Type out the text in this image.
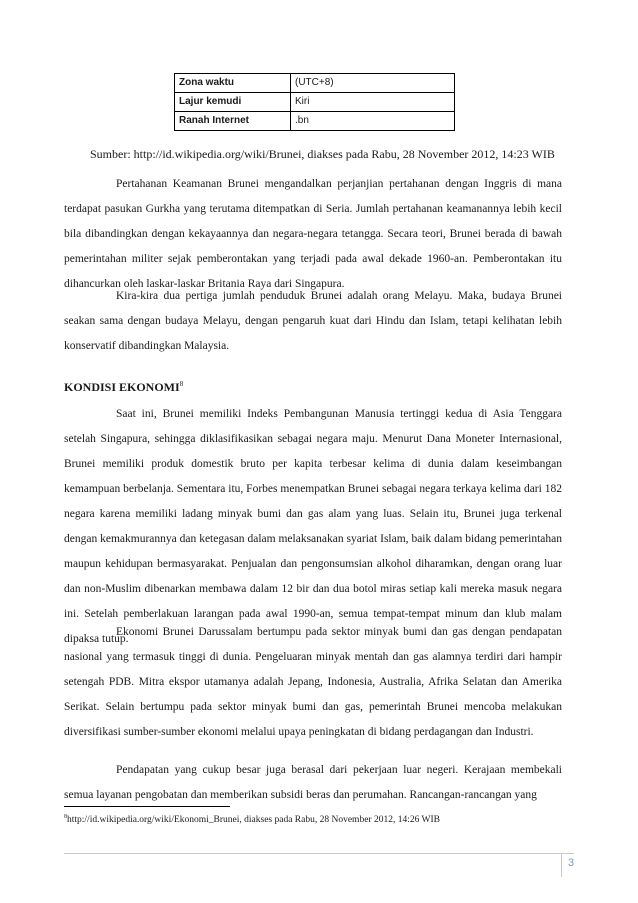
Zona waktu	(UTC+8)
Lajur kemudi	Kiri
Ranah Internet	.bn
Sumber: http://id.wikipedia.org/wiki/Brunei, diakses pada Rabu, 28 November 2012, 14:23 WIB

Pertahanan Keamanan Brunei mengandalkan perjanjian pertahanan dengan Inggris di mana terdapat pasukan Gurkha yang terutama ditempatkan di Seria. Jumlah pertahanan keamanannya lebih kecil bila dibandingkan dengan kekayaannya dan negara-negara tetangga. Secara teori, Brunei berada di bawah pemerintahan militer sejak pemberontakan yang terjadi pada awal dekade 1960-an. Pemberontakan itu dihancurkan oleh laskar-laskar Britania Raya dari Singapura.

Kira-kira dua pertiga jumlah penduduk Brunei adalah orang Melayu. Maka, budaya Brunei seakan sama dengan budaya Melayu, dengan pengaruh kuat dari Hindu dan Islam, tetapi kelihatan lebih konservatif dibandingkan Malaysia.

KONDISI EKONOMI$^8$

Saat ini, Brunei memiliki Indeks Pembangunan Manusia tertinggi kedua di Asia Tenggara setelah Singapura, sehingga diklasifikasikan sebagai negara maju. Menurut Dana Moneter Internasional, Brunei memiliki produk domestik bruto per kapita terbesar kelima di dunia dalam keseimbangan kemampuan berbelanja. Sementara itu, Forbes menempatkan Brunei sebagai negara terkaya kelima dari 182 negara karena memiliki ladang minyak bumi dan gas alam yang luas. Selain itu, Brunei juga terkenal dengan kemakmurannya dan ketegasan dalam melaksanakan syariat Islam, baik dalam bidang pemerintahan maupun kehidupan bermasyarakat. Penjualan dan pengonsumsian alkohol diharamkan, dengan orang luar dan non-Muslim dibenarkan membawa dalam 12 bir dan dua botol miras setiap kali mereka masuk negara ini. Setelah pemberlakuan larangan pada awal 1990-an, semua tempat-tempat minum dan klub malam dipaksa tutup.

Ekonomi Brunei Darussalam bertumpu pada sektor minyak bumi dan gas dengan pendapatan nasional yang termasuk tinggi di dunia. Pengeluaran minyak mentah dan gas alamnya terdiri dari hampir setengah PDB. Mitra ekspor utamanya adalah Jepang, Indonesia, Australia, Afrika Selatan dan Amerika Serikat. Selain bertumpu pada sektor minyak bumi dan gas, pemerintah Brunei mencoba melakukan diversifikasi sumber-sumber ekonomi melalui upaya peningkatan di bidang perdagangan dan Industri.

Pendapatan yang cukup besar juga berasal dari pekerjaan luar negeri. Kerajaan membekali semua layanan pengobatan dan memberikan subsidi beras dan perumahan. Rancangan-rancangan yang

$^8$http://id.wikipedia.org/wiki/Ekonomi_Brunei, diakses pada Rabu, 28 November 2012, 14:26 WIB
3
